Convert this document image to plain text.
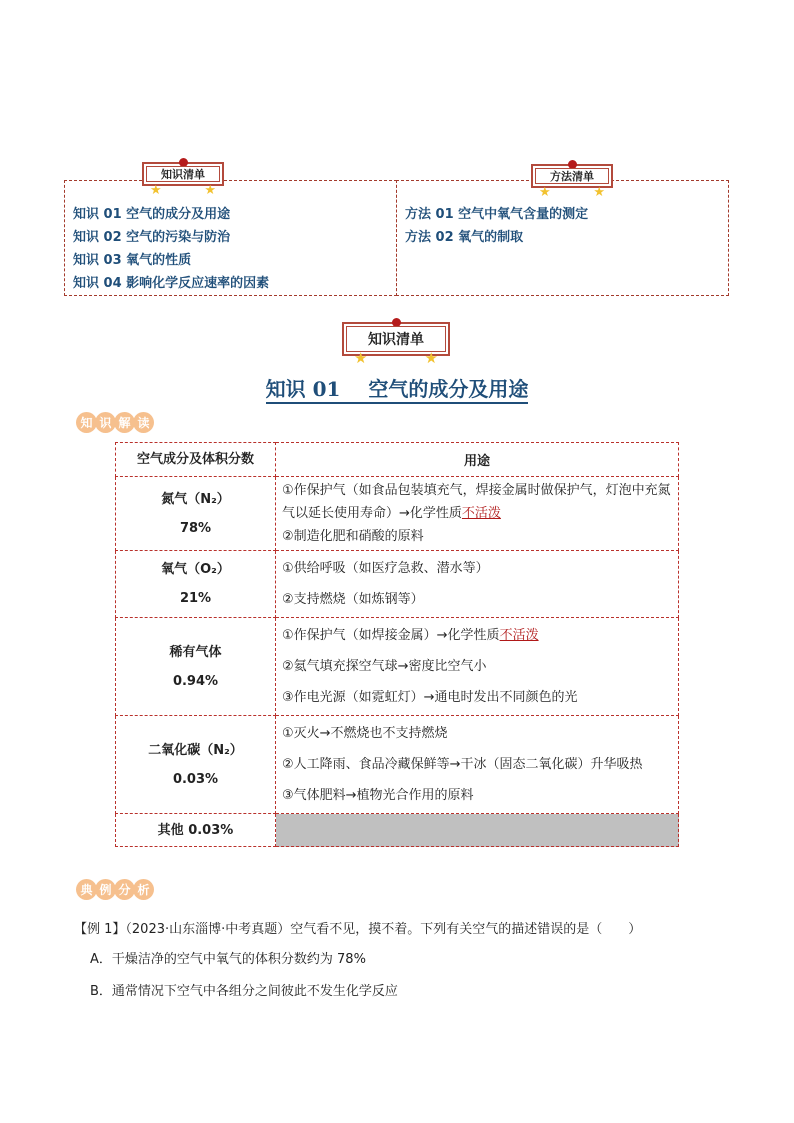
知识清单
★	★
方法清单
★	★
知识 01 空气的成分及用途
知识 02 空气的污染与防治
知识 03 氧气的性质
知识 04 影响化学反应速率的因素
方法 01 空气中氧气含量的测定
方法 02 氧气的制取
知识清单
★	★
知识 01    空气的成分及用途
知 识 解 读
空气成分及体积分数	用途

氮气（N₂）
78%	①作保护气（如食品包装填充气，焊接金属时做保护气，灯泡中充氮气以延长使用寿命）→化学性质不活泼
②制造化肥和硝酸的原料

氧气（O₂）
21%	①供给呼吸（如医疗急救、潜水等）
②支持燃烧（如炼钢等）

稀有气体
0.94%	①作保护气（如焊接金属）→化学性质不活泼
②氦气填充探空气球→密度比空气小
③作电光源（如霓虹灯）→通电时发出不同颜色的光

二氧化碳（N₂）
0.03%	①灭火→不燃烧也不支持燃烧
②人工降雨、食品冷藏保鲜等→干冰（固态二氧化碳）升华吸热
③气体肥料→植物光合作用的原料

其他 0.03%	
典 例 分 析
【例 1】（2023·山东淄博·中考真题）空气看不见，摸不着。下列有关空气的描述错误的是（　　）
A．干燥洁净的空气中氧气的体积分数约为 78%
B．通常情况下空气中各组分之间彼此不发生化学反应
